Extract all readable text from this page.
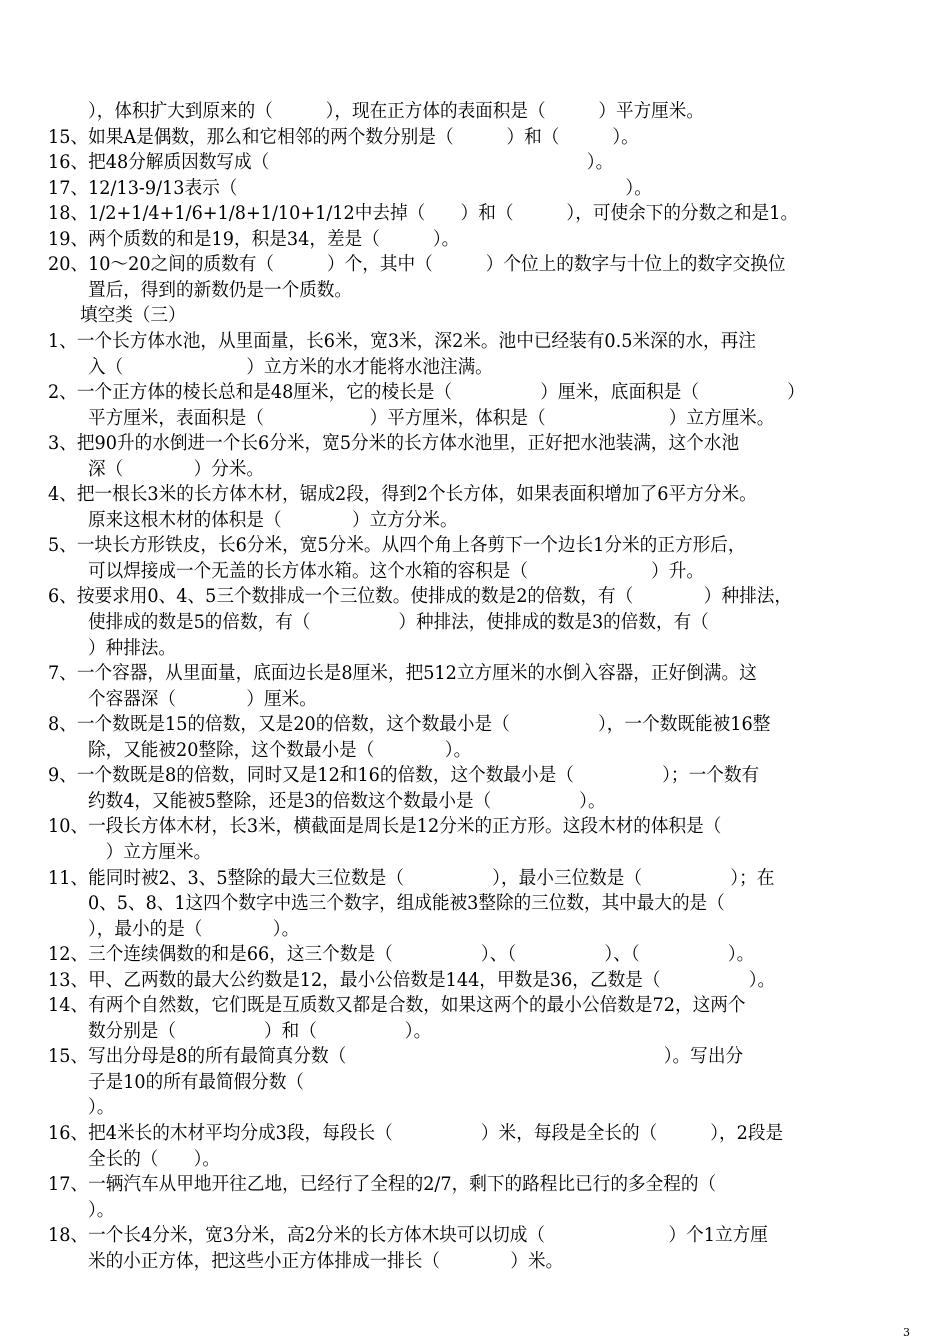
3
），体积扩大到原来的（　　　），现在正方体的表面积是（　　　）平方厘米。
15、如果A是偶数，那么和它相邻的两个数分别是（　　　）和（　　　）。
16、把48分解质因数写成（　　　　　　　　　　　　　　　　　　）。
17、12/13-9/13表示（　　　　　　　　　　　　　　　　　　　　　　）。
18、1/2+1/4+1/6+1/8+1/10+1/12中去掉（　　）和（　　　），可使余下的分数之和是1。
19、两个质数的和是19，积是34，差是（　　　）。
20、10～20之间的质数有（　　　）个，其中（　　　）个位上的数字与十位上的数字交换位
置后，得到的新数仍是一个质数。
填空类（三）
1、一个长方体水池，从里面量，长6米，宽3米，深2米。池中已经装有0.5米深的水，再注
入（　　　　　　　）立方米的水才能将水池注满。
2、一个正方体的棱长总和是48厘米，它的棱长是（　　　　　）厘米，底面积是（　　　　　）
平方厘米，表面积是（　　　　　　）平方厘米，体积是（　　　　　　　）立方厘米。
3、把90升的水倒进一个长6分米，宽5分米的长方体水池里，正好把水池装满，这个水池
深（　　　　）分米。
4、把一根长3米的长方体木材，锯成2段，得到2个长方体，如果表面积增加了6平方分米。
原来这根木材的体积是（　　　　）立方分米。
5、一块长方形铁皮，长6分米，宽5分米。从四个角上各剪下一个边长1分米的正方形后，
可以焊接成一个无盖的长方体水箱。这个水箱的容积是（　　　　　　　）升。
6、按要求用0、4、5三个数排成一个三位数。使排成的数是2的倍数，有（　　　　）种排法，
使排成的数是5的倍数，有（　　　　　）种排法，使排成的数是3的倍数，有（
）种排法。
7、一个容器，从里面量，底面边长是8厘米，把512立方厘米的水倒入容器，正好倒满。这
个容器深（　　　　）厘米。
8、一个数既是15的倍数，又是20的倍数，这个数最小是（　　　　　），一个数既能被16整
除，又能被20整除，这个数最小是（　　　　）。
9、一个数既是8的倍数，同时又是12和16的倍数，这个数最小是（　　　　　）；一个数有
约数4，又能被5整除，还是3的倍数这个数最小是（　　　　　）。
10、一段长方体木材，长3米，横截面是周长是12分米的正方形。这段木材的体积是（
　）立方厘米。
11、能同时被2、3、5整除的最大三位数是（　　　　　），最小三位数是（　　　　　）；在
0、5、8、1这四个数字中选三个数字，组成能被3整除的三位数，其中最大的是（
），最小的是（　　　　）。
12、三个连续偶数的和是66，这三个数是（　　　　　）、（　　　　　）、（　　　　　）。
13、甲、乙两数的最大公约数是12，最小公倍数是144，甲数是36，乙数是（　　　　　）。
14、有两个自然数，它们既是互质数又都是合数，如果这两个的最小公倍数是72，这两个
数分别是（　　　　　）和（　　　　　）。
15、写出分母是8的所有最简真分数（　　　　　　　　　　　　　　　　　　）。写出分
子是10的所有最简假分数（
）。
16、把4米长的木材平均分成3段，每段长（　　　　　）米，每段是全长的（　　　），2段是
全长的（　　）。
17、一辆汽车从甲地开往乙地，已经行了全程的2/7，剩下的路程比已行的多全程的（
）。
18、一个长4分米，宽3分米，高2分米的长方体木块可以切成（　　　　　　　）个1立方厘
米的小正方体，把这些小正方体排成一排长（　　　　）米。
